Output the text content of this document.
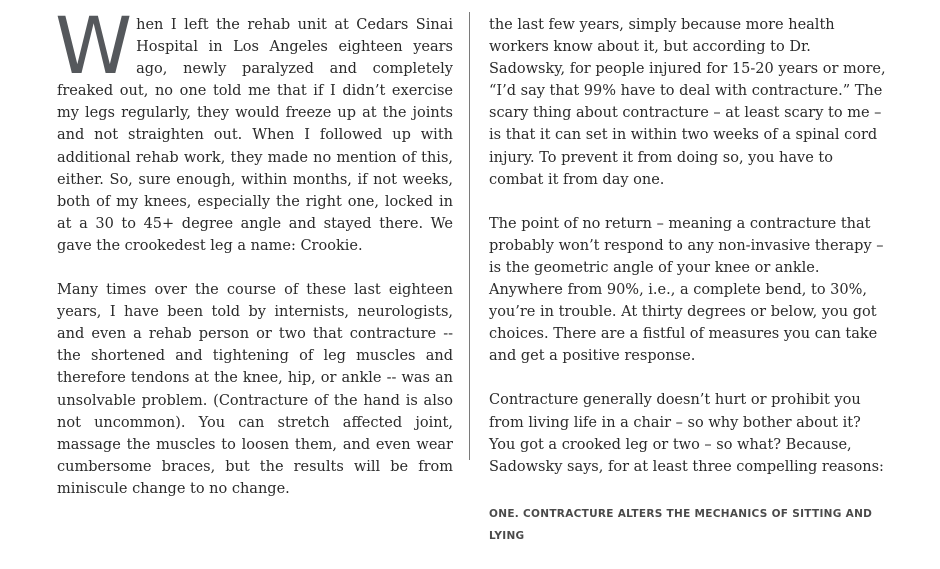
When I left the rehab unit at Cedars Sinai Hospital in Los Angeles eighteen years ago, newly paralyzed and completely freaked out, no one told me that if I didn’t exercise my legs regularly, they would freeze up at the joints and not straighten out. When I followed up with additional rehab work, they made no mention of this, either. So, sure enough, within months, if not weeks, both of my knees, especially the right one, locked in at a 30 to 45+ degree angle and stayed there. We gave the crookedest leg a name: Crookie.

Many times over the course of these last eighteen years, I have been told by internists, neurologists, and even a rehab person or two that contracture -- the shortened and tightening of leg muscles and therefore tendons at the knee, hip, or ankle -- was an unsolvable problem. (Contracture of the hand is also not uncommon). You can stretch affected joint, massage the muscles to loosen them, and even wear cumbersome braces, but the results will be from miniscule change to no change.

the last few years, simply because more health workers know about it, but according to Dr. Sadowsky, for people injured for 15-20 years or more, “I’d say that 99% have to deal with contracture.” The scary thing about contracture – at least scary to me – is that it can set in within two weeks of a spinal cord injury. To prevent it from doing so, you have to combat it from day one.

The point of no return – meaning a contracture that probably won’t respond to any non-invasive therapy – is the geometric angle of your knee or ankle. Anywhere from 90%, i.e., a complete bend, to 30%, you’re in trouble. At thirty degrees or below, you got choices. There are a fistful of measures you can take and get a positive response.

Contracture generally doesn’t hurt or prohibit you from living life in a chair – so why bother about it? You got a crooked leg or two – so what? Because, Sadowsky says, for at least three compelling reasons:

ONE. CONTRACTURE ALTERS THE MECHANICS OF SITTING AND LYING
